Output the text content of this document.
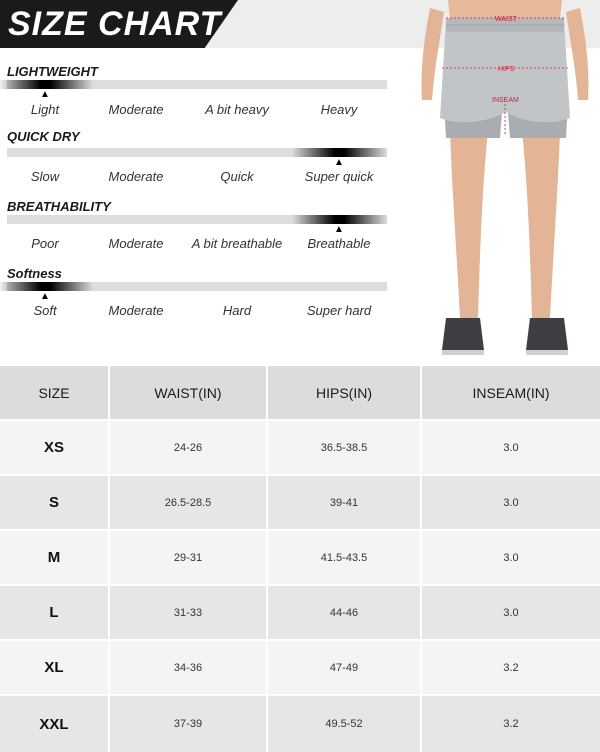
SIZE CHART
LIGHTWEIGHT
▲
Light	Moderate	A bit heavy	Heavy
QUICK DRY
▲
Slow	Moderate	Quick	Super quick
BREATHABILITY
▲
Poor	Moderate	A bit breathable	Breathable
Softness
▲
Soft	Moderate	Hard	Super hard
WAIST
HIPS
INSEAM
SIZE	WAIST(IN)	HIPS(IN)	INSEAM(IN)
XS	24-26	36.5-38.5	3.0
S	26.5-28.5	39-41	3.0
M	29-31	41.5-43.5	3.0
L	31-33	44-46	3.0
XL	34-36	47-49	3.2
XXL	37-39	49.5-52	3.2
